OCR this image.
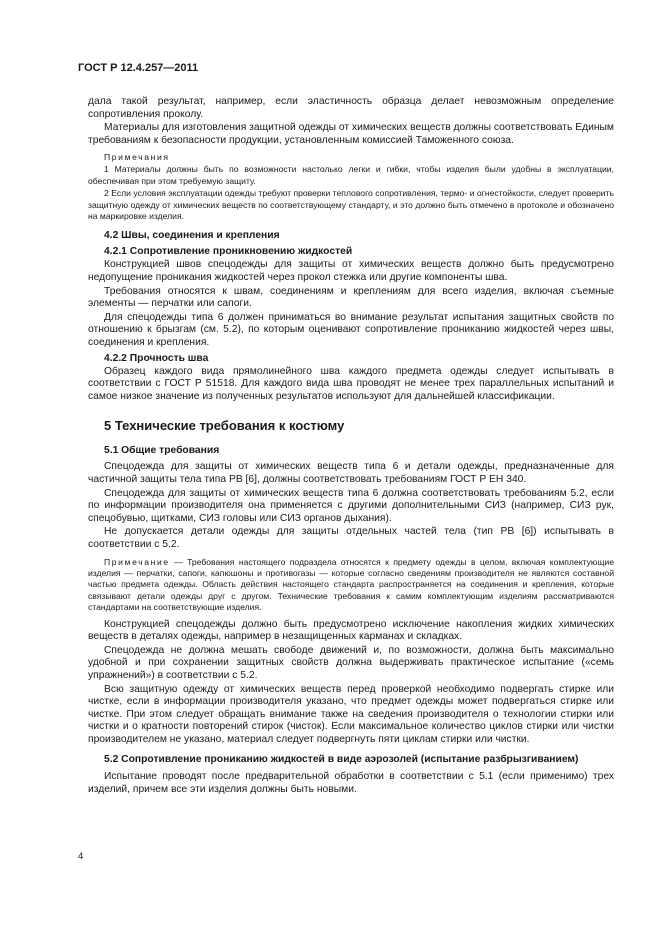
ГОСТ Р 12.4.257—2011

дала такой результат, например, если эластичность образца делает невозможным определение сопротивления проколу.

Материалы для изготовления защитной одежды от химических веществ должны соответствовать Единым требованиям к безопасности продукции, установленным комиссией Таможенного союза.

Примечания

1 Материалы должны быть по возможности настолько легки и гибки, чтобы изделия были удобны в эксплуатации, обеспечивая при этом требуемую защиту.

2 Если условия эксплуатации одежды требуют проверки теплового сопротивления, термо- и огнестойкости, следует проверить защитную одежду от химических веществ по соответствующему стандарту, и это должно быть отмечено в протоколе и обозначено на маркировке изделия.

4.2 Швы, соединения и крепления
4.2.1 Сопротивление проникновению жидкостей

Конструкцией швов спецодежды для защиты от химических веществ должно быть предусмотрено недопущение проникания жидкостей через прокол стежка или другие компоненты шва.

Требования относятся к швам, соединениям и креплениям для всего изделия, включая съемные элементы — перчатки или сапоги.

Для спецодежды типа 6 должен приниматься во внимание результат испытания защитных свойств по отношению к брызгам (см. 5.2), по которым оценивают сопротивление прониканию жидкостей через швы, соединения и крепления.

4.2.2 Прочность шва

Образец каждого вида прямолинейного шва каждого предмета одежды следует испытывать в соответствии с ГОСТ Р 51518. Для каждого вида шва проводят не менее трех параллельных испытаний и самое низкое значение из полученных результатов используют для дальнейшей классификации.

5 Технические требования к костюму
5.1 Общие требования

Спецодежда для защиты от химических веществ типа 6 и детали одежды, предназначенные для частичной защиты тела типа PB [6], должны соответствовать требованиям ГОСТ Р ЕН 340.

Спецодежда для защиты от химических веществ типа 6 должна соответствовать требованиям 5.2, если по информации производителя она применяется с другими дополнительными СИЗ (например, СИЗ рук, спецобувью, щитками, СИЗ головы или СИЗ органов дыхания).

Не допускается детали одежды для защиты отдельных частей тела (тип PB [6]) испытывать в соответствии с 5.2.

Примечание — Требования настоящего подраздела относятся к предмету одежды в целом, включая комплектующие изделия — перчатки, сапоги, капюшоны и противогазы — которые согласно сведениям производителя не являются составной частью предмета одежды. Область действия настоящего стандарта распространяется на соединения и крепления, которые связывают детали одежды друг с другом. Технические требования к самим комплектующим изделиям рассматриваются стандартами на соответствующие изделия.

Конструкцией спецодежды должно быть предусмотрено исключение накопления жидких химических веществ в деталях одежды, например в незащищенных карманах и складках.

Спецодежда не должна мешать свободе движений и, по возможности, должна быть максимально удобной и при сохранении защитных свойств должна выдерживать практическое испытание («семь упражнений») в соответствии с 5.2.

Всю защитную одежду от химических веществ перед проверкой необходимо подвергать стирке или чистке, если в информации производителя указано, что предмет одежды может подвергаться стирке или чистке. При этом следует обращать внимание также на сведения производителя о технологии стирки или чистки и о кратности повторений стирок (чисток). Если максимальное количество циклов стирки или чистки производителем не указано, материал следует подвергнуть пяти циклам стирки или чистки.

5.2 Сопротивление прониканию жидкостей в виде аэрозолей (испытание разбрызгиванием)

Испытание проводят после предварительной обработки в соответствии с 5.1 (если применимо) трех изделий, причем все эти изделия должны быть новыми.

4
